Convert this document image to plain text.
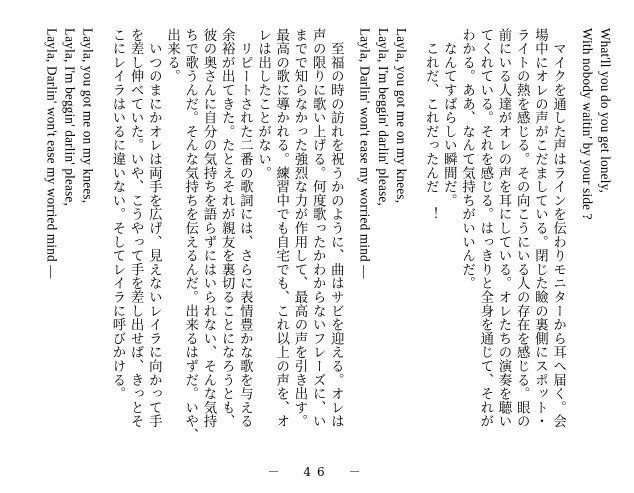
What'll you do you get lonely,
With nobody waitin' by your side ?
　マイクを通した声はラインを伝わりモニターから耳へ届く。会
場中にオレの声がこだましている。閉じた瞼の裏側にスポット・
ライトの熱を感じる。その向こうにいる人の存在を感じる。眼の
前にいる人達がオレの声を耳にしている。オレたちの演奏を聴い
てくれている。それを感じる。はっきりと全身を通じて、それが
わかる。ああ、なんて気持ちがいいんだ。
　なんてすばらしい瞬間だ。
　これだ、これだったんだ　！
Layla, you got me on my knees,
Layla, I'm beggin' darlin' please,
Layla, Darlin' won't ease my worried mind ―
　至福の時の訪れを祝うかのように、曲はサビを迎える。オレは
声の限りに歌い上げる。何度歌ったかわからないフレーズに、い
までで知らなかった強烈な力が作用して、最高の声を引き出す。
最高の歌に導かれる。練習中でも自宅でも、これ以上の声を、オ
レは出したことがない。
　リピートされた二番の歌詞には、さらに表情豊かな歌を与える
余裕が出てきた。たとえそれが親友を裏切ることになろうとも、
彼の奥さんに自分の気持ちを語らずにはいられない、そんな気持
ちで歌うんだ。そんな気持ちを伝えるんだ。出来るはずだ。いや、
出来る。
　いつのまにかオレは両手を広げ、見えないレイラに向かって手
を差し伸べていた。いや、こうやって手を差し出せば、きっとそ
こにレイラはいるに違いない。そしてレイラに呼びかける。
Layla, you got me on my knees,
Layla, I'm beggin' darlin' please,
Layla, Darlin' won't ease my worried mind ―
－　46　－
